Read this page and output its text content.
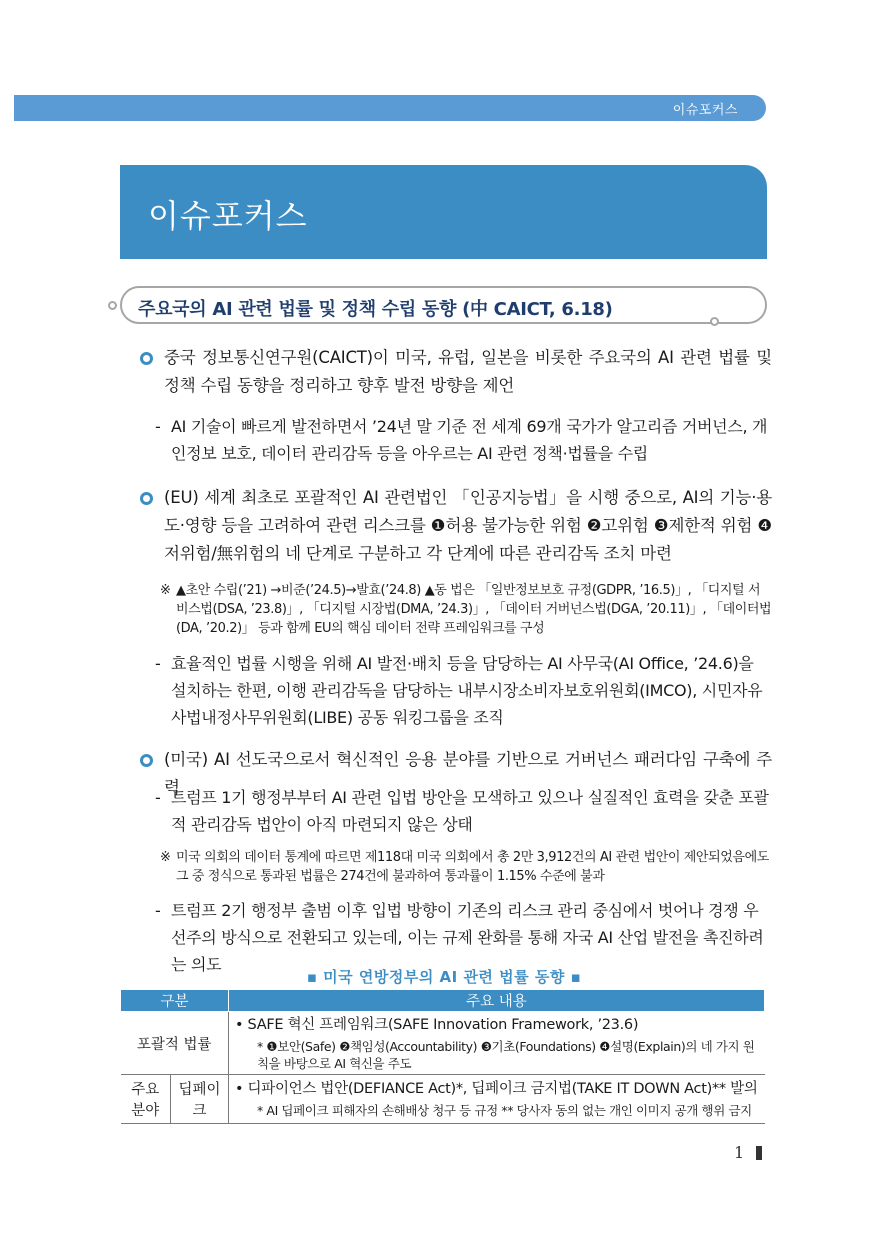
이슈포커스
이슈포커스
주요국의 AI 관련 법률 및 정책 수립 동향 (中 CAICT, 6.18)
중국 정보통신연구원(CAICT)이 미국, 유럽, 일본을 비롯한 주요국의 AI 관련 법률 및 정책 수립 동향을 정리하고 향후 발전 방향을 제언
- AI 기술이 빠르게 발전하면서 ’24년 말 기준 전 세계 69개 국가가 알고리즘 거버넌스, 개인정보 보호, 데이터 관리감독 등을 아우르는 AI 관련 정책·법률을 수립
(EU) 세계 최초로 포괄적인 AI 관련법인 「인공지능법」을 시행 중으로, AI의 기능·용도·영향 등을 고려하여 관련 리스크를 ❶허용 불가능한 위험 ❷고위험 ❸제한적 위험 ❹저위험/無위험의 네 단계로 구분하고 각 단계에 따른 관리감독 조치 마련
※ ▲초안 수립(’21) →비준(’24.5)→발효(’24.8) ▲동 법은 「일반정보보호 규정(GDPR, ’16.5)」, 「디지털 서비스법(DSA, ’23.8)」, 「디지털 시장법(DMA, ’24.3)」, 「데이터 거버넌스법(DGA, ’20.11)」, 「데이터법(DA, ’20.2)」 등과 함께 EU의 핵심 데이터 전략 프레임워크를 구성
- 효율적인 법률 시행을 위해 AI 발전·배치 등을 담당하는 AI 사무국(AI Office, ’24.6)을 설치하는 한편, 이행 관리감독을 담당하는 내부시장소비자보호위원회(IMCO), 시민자유사법내정사무위원회(LIBE) 공동 워킹그룹을 조직
(미국) AI 선도국으로서 혁신적인 응용 분야를 기반으로 거버넌스 패러다임 구축에 주력
- 트럼프 1기 행정부부터 AI 관련 입법 방안을 모색하고 있으나 실질적인 효력을 갖춘 포괄적 관리감독 법안이 아직 마련되지 않은 상태
※ 미국 의회의 데이터 통계에 따르면 제118대 미국 의회에서 총 2만 3,912건의 AI 관련 법안이 제안되었음에도 그 중 정식으로 통과된 법률은 274건에 불과하여 통과률이 1.15% 수준에 불과
- 트럼프 2기 행정부 출범 이후 입법 방향이 기존의 리스크 관리 중심에서 벗어나 경쟁 우선주의 방식으로 전환되고 있는데, 이는 규제 완화를 통해 자국 AI 산업 발전을 촉진하려는 의도
▪ 미국 연방정부의 AI 관련 법률 동향 ▪
구분		주요 내용
포괄적 법률		• SAFE 혁신 프레임워크(SAFE Innovation Framework, ’23.6)
* ❶보안(Safe) ❷책임성(Accountability) ❸기초(Foundations) ❹설명(Explain)의 네 가지 원칙을 바탕으로 AI 혁신을 주도

주요 분야	딥페이크	• 디파이언스 법안(DEFIANCE Act)*, 딥페이크 금지법(TAKE IT DOWN Act)** 발의
* AI 딥페이크 피해자의 손해배상 청구 등 규정 ** 당사자 동의 없는 개인 이미지 공개 행위 금지
1
